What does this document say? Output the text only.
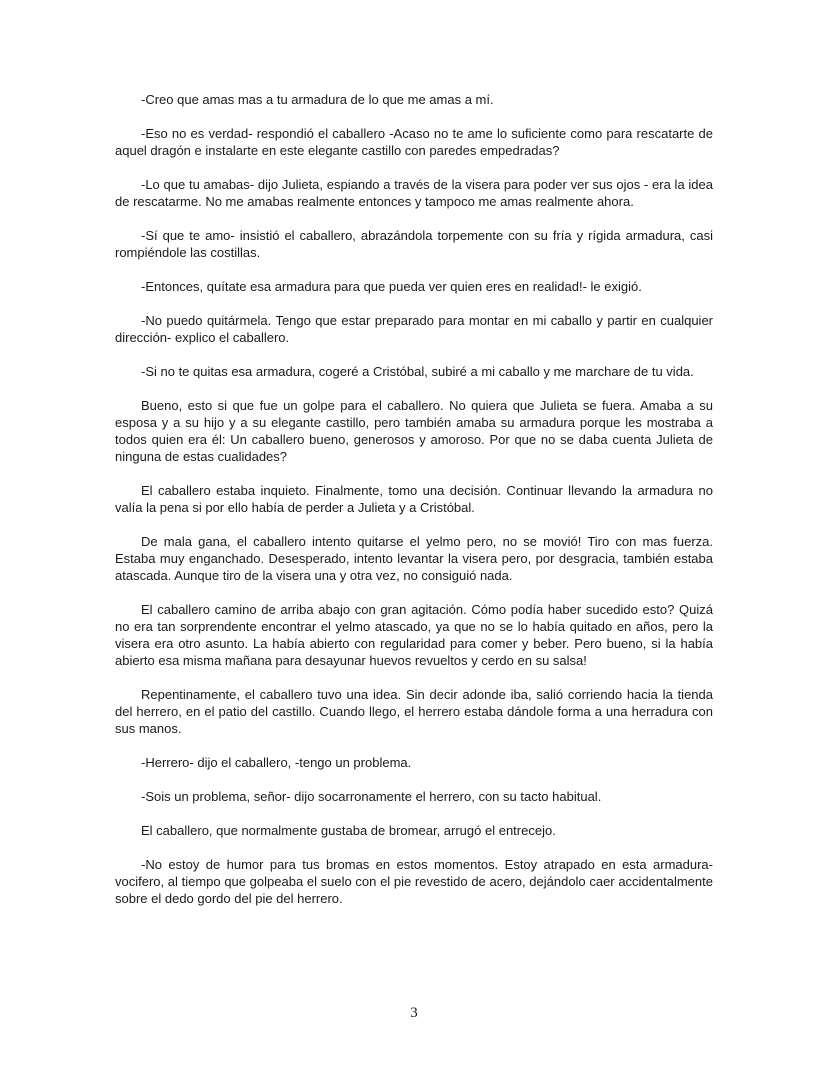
-Creo que amas mas a tu armadura de lo que me amas a mí.

-Eso no es verdad- respondió el caballero -Acaso no te ame lo suficiente como para rescatarte de aquel dragón e instalarte en este elegante castillo con paredes empedradas?

-Lo que tu amabas- dijo Julieta, espiando a través de la visera para poder ver sus ojos - era la idea de rescatarme. No me amabas realmente entonces y tampoco me amas realmente ahora.

-Sí que te amo- insistió el caballero, abrazándola torpemente con su fría y rígida armadura, casi rompiéndole las costillas.

-Entonces, quítate esa armadura para que pueda ver quien eres en realidad!- le exigió.

-No puedo quitármela. Tengo que estar preparado para montar en mi caballo y partir en cualquier dirección- explico el caballero.

-Si no te quitas esa armadura, cogeré a Cristóbal, subiré a mi caballo y me marchare de tu vida.

Bueno, esto si que fue un golpe para el caballero. No quiera que Julieta se fuera. Amaba a su esposa y a su hijo y a su elegante castillo, pero también amaba su armadura porque les mostraba a todos quien era él: Un caballero bueno, generosos y amoroso. Por que no se daba cuenta Julieta de ninguna de estas cualidades?

El caballero estaba inquieto. Finalmente, tomo una decisión. Continuar llevando la armadura no valía la pena si por ello había de perder a Julieta y a Cristóbal.

De mala gana, el caballero intento quitarse el yelmo pero, no se movió! Tiro con mas fuerza. Estaba muy enganchado. Desesperado, intento levantar la visera pero, por desgracia, también estaba atascada. Aunque tiro de la visera una y otra vez, no consiguió nada.

El caballero camino de arriba abajo con gran agitación. Cómo podía haber sucedido esto? Quizá no era tan sorprendente encontrar el yelmo atascado, ya que no se lo había quitado en años, pero la visera era otro asunto. La había abierto con regularidad para comer y beber. Pero bueno, si la había abierto esa misma mañana para desayunar huevos revueltos y cerdo en su salsa!

Repentinamente, el caballero tuvo una idea. Sin decir adonde iba, salió corriendo hacia la tienda del herrero, en el patio del castillo. Cuando llego, el herrero estaba dándole forma a una herradura con sus manos.

-Herrero- dijo el caballero, -tengo un problema.

-Sois un problema, señor- dijo socarronamente el herrero, con su tacto habitual.

El caballero, que normalmente gustaba de bromear, arrugó el entrecejo.

-No estoy de humor para tus bromas en estos momentos. Estoy atrapado en esta armadura- vocifero, al tiempo que golpeaba el suelo con el pie revestido de acero, dejándolo caer accidentalmente sobre el dedo gordo del pie del herrero.

3
